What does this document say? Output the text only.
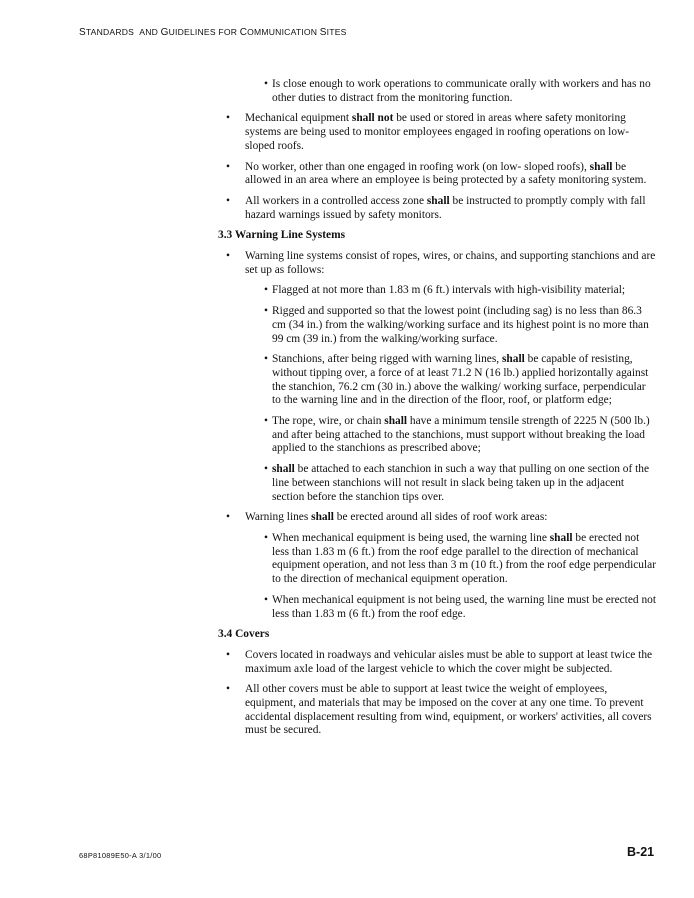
STANDARDS AND GUIDELINES FOR COMMUNICATION SITES
• Is close enough to work operations to communicate orally with workers and has no other duties to distract from the monitoring function.
• Mechanical equipment shall not be used or stored in areas where safety monitoring systems are being used to monitor employees engaged in roofing operations on low-sloped roofs.
• No worker, other than one engaged in roofing work (on low- sloped roofs), shall be allowed in an area where an employee is being protected by a safety monitoring system.
• All workers in a controlled access zone shall be instructed to promptly comply with fall hazard warnings issued by safety monitors.
3.3 Warning Line Systems
• Warning line systems consist of ropes, wires, or chains, and supporting stanchions and are set up as follows:
• Flagged at not more than 1.83 m (6 ft.) intervals with high-visibility material;
• Rigged and supported so that the lowest point (including sag) is no less than 86.3 cm (34 in.) from the walking/working surface and its highest point is no more than 99 cm (39 in.) from the walking/working surface.
• Stanchions, after being rigged with warning lines, shall be capable of resisting, without tipping over, a force of at least 71.2 N (16 lb.) applied horizontally against the stanchion, 76.2 cm (30 in.) above the walking/ working surface, perpendicular to the warning line and in the direction of the floor, roof, or platform edge;
• The rope, wire, or chain shall have a minimum tensile strength of 2225 N (500 lb.) and after being attached to the stanchions, must support without breaking the load applied to the stanchions as prescribed above;
• shall be attached to each stanchion in such a way that pulling on one section of the line between stanchions will not result in slack being taken up in the adjacent section before the stanchion tips over.
• Warning lines shall be erected around all sides of roof work areas:
• When mechanical equipment is being used, the warning line shall be erected not less than 1.83 m (6 ft.) from the roof edge parallel to the direction of mechanical equipment operation, and not less than 3 m (10 ft.) from the roof edge perpendicular to the direction of mechanical equipment operation.
• When mechanical equipment is not being used, the warning line must be erected not less than 1.83 m (6 ft.) from the roof edge.
3.4 Covers
• Covers located in roadways and vehicular aisles must be able to support at least twice the maximum axle load of the largest vehicle to which the cover might be subjected.
• All other covers must be able to support at least twice the weight of employees, equipment, and materials that may be imposed on the cover at any one time. To prevent accidental displacement resulting from wind, equipment, or workers' activities, all covers must be secured.
68P81089E50-A 3/1/00	B-21
